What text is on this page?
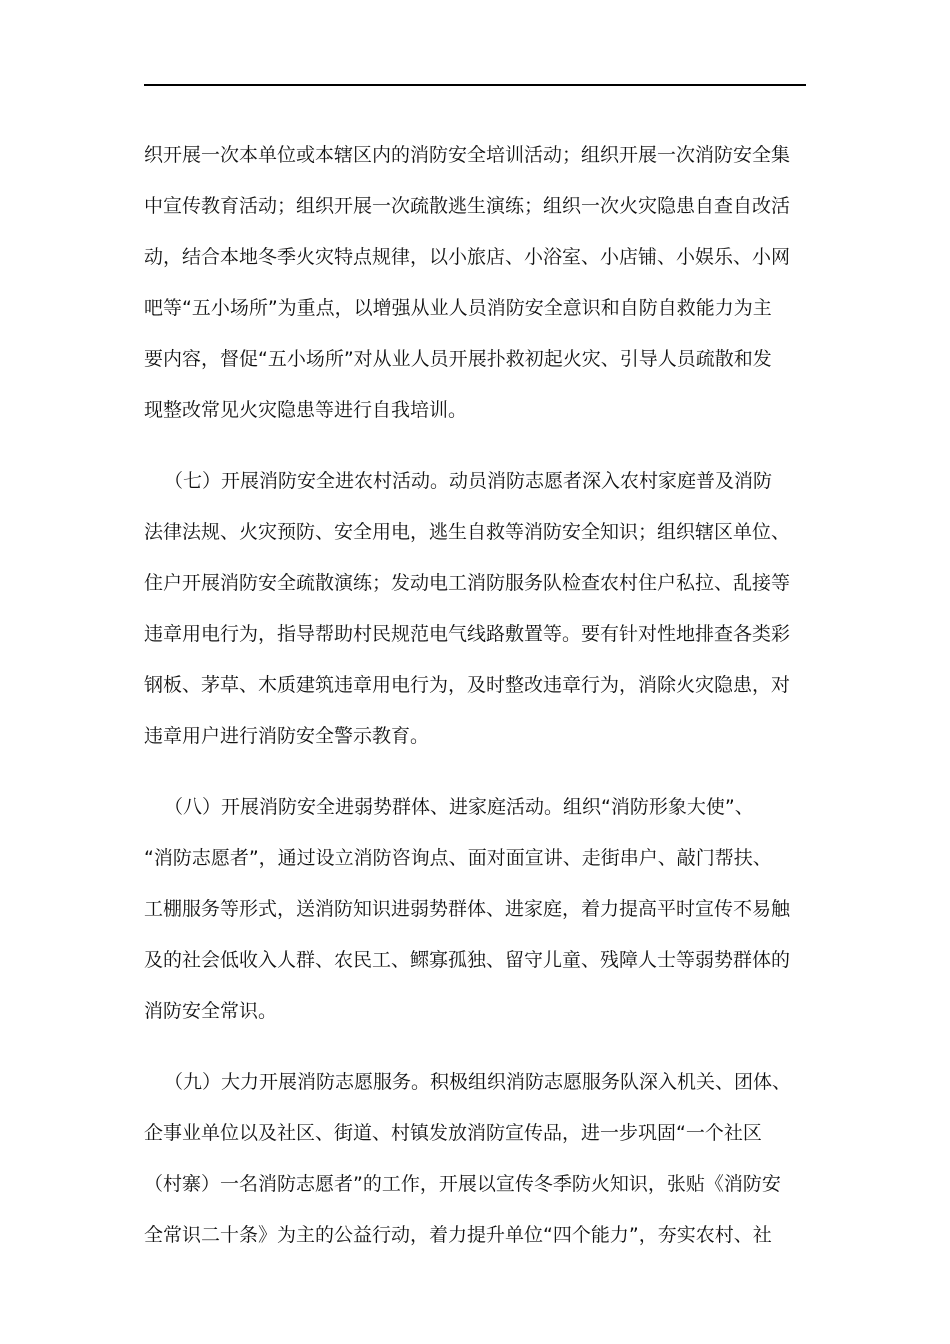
织开展一次本单位或本辖区内的消防安全培训活动；组织开展一次消防安全集
中宣传教育活动；组织开展一次疏散逃生演练；组织一次火灾隐患自查自改活
动，结合本地冬季火灾特点规律，以小旅店、小浴室、小店铺、小娱乐、小网
吧等“五小场所”为重点，以增强从业人员消防安全意识和自防自救能力为主
要内容，督促“五小场所”对从业人员开展扑救初起火灾、引导人员疏散和发
现整改常见火灾隐患等进行自我培训。
（七）开展消防安全进农村活动。动员消防志愿者深入农村家庭普及消防
法律法规、火灾预防、安全用电，逃生自救等消防安全知识；组织辖区单位、
住户开展消防安全疏散演练；发动电工消防服务队检查农村住户私拉、乱接等
违章用电行为，指导帮助村民规范电气线路敷置等。要有针对性地排查各类彩
钢板、茅草、木质建筑违章用电行为，及时整改违章行为，消除火灾隐患，对
违章用户进行消防安全警示教育。
（八）开展消防安全进弱势群体、进家庭活动。组织“消防形象大使”、
“消防志愿者”，通过设立消防咨询点、面对面宣讲、走街串户、敲门帮扶、
工棚服务等形式，送消防知识进弱势群体、进家庭，着力提高平时宣传不易触
及的社会低收入人群、农民工、鳏寡孤独、留守儿童、残障人士等弱势群体的
消防安全常识。
（九）大力开展消防志愿服务。积极组织消防志愿服务队深入机关、团体、
企事业单位以及社区、街道、村镇发放消防宣传品，进一步巩固“一个社区
（村寨）一名消防志愿者”的工作，开展以宣传冬季防火知识，张贴《消防安
全常识二十条》为主的公益行动，着力提升单位“四个能力”，夯实农村、社
